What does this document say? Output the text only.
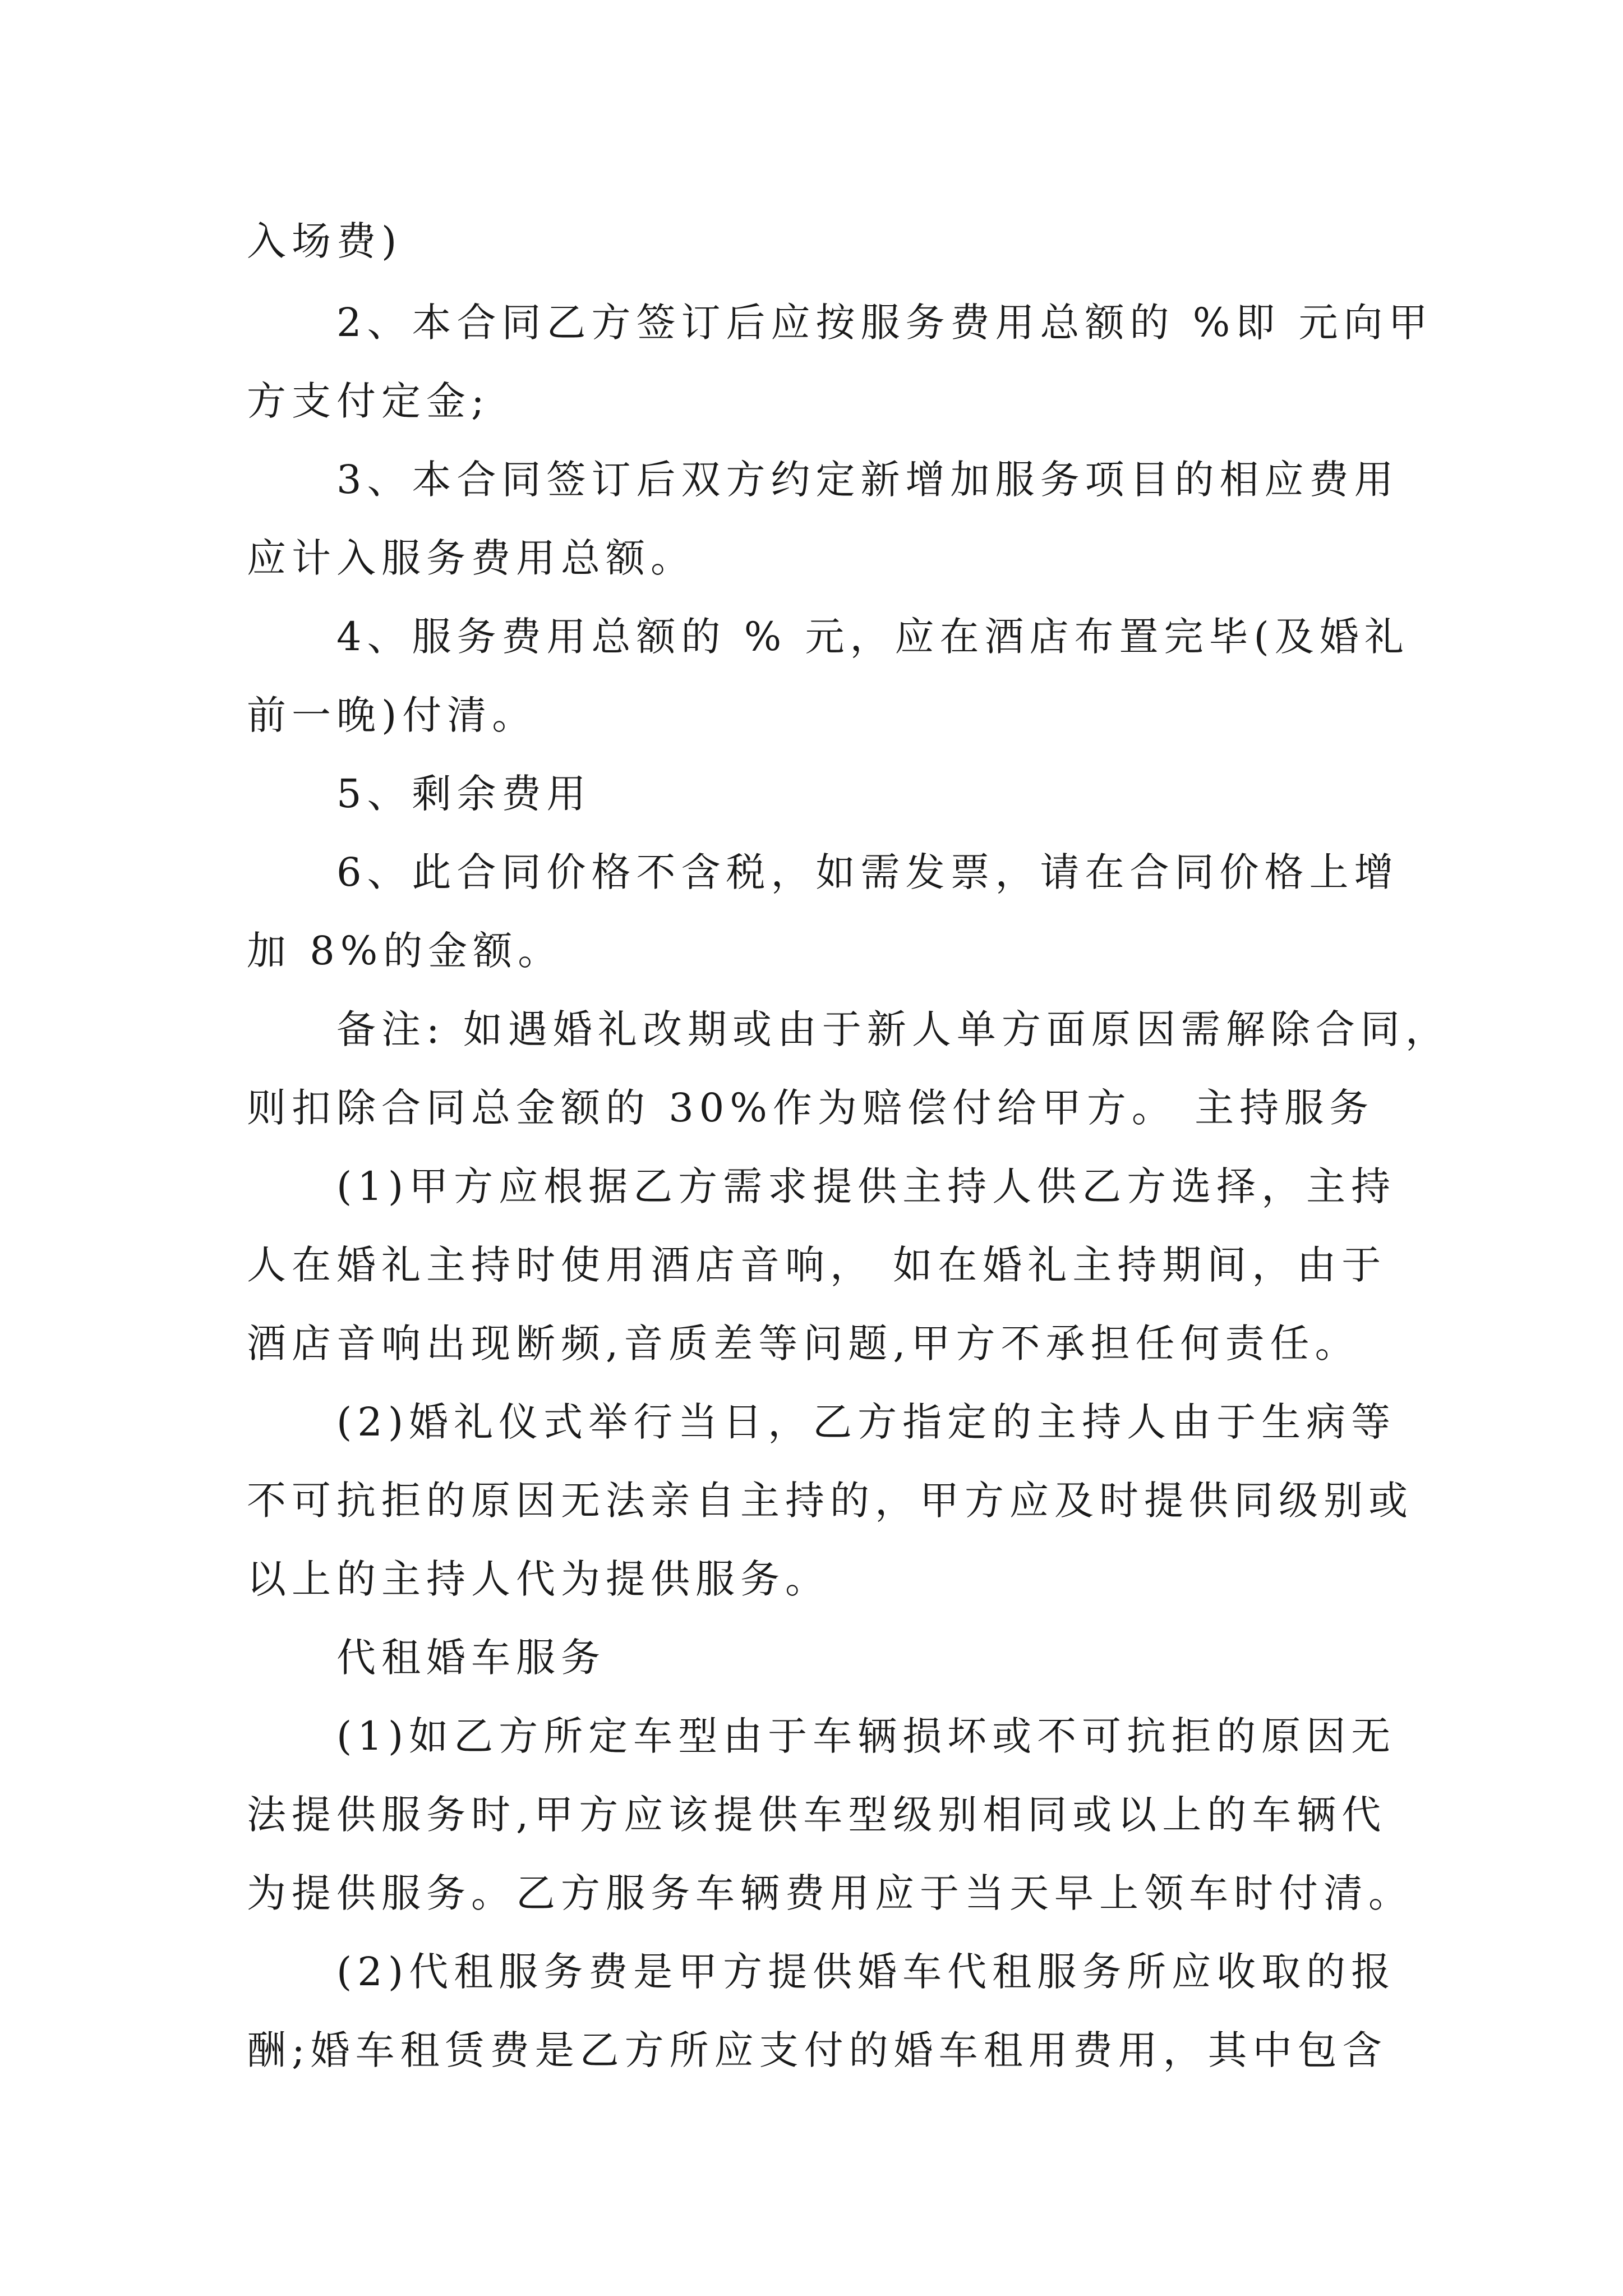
入场费)
2、本合同乙方签订后应按服务费用总额的 %即 元向甲
方支付定金;
3、本合同签订后双方约定新增加服务项目的相应费用
应计入服务费用总额。
4、服务费用总额的 % 元，应在酒店布置完毕(及婚礼
前一晚)付清。
5、剩余费用
6、此合同价格不含税，如需发票，请在合同价格上增
加 8%的金额。
备注: 如遇婚礼改期或由于新人单方面原因需解除合同，
则扣除合同总金额的 30%作为赔偿付给甲方。 主持服务
(1)甲方应根据乙方需求提供主持人供乙方选择，主持
人在婚礼主持时使用酒店音响， 如在婚礼主持期间，由于
酒店音响出现断频,音质差等问题,甲方不承担任何责任。
(2)婚礼仪式举行当日，乙方指定的主持人由于生病等
不可抗拒的原因无法亲自主持的，甲方应及时提供同级别或
以上的主持人代为提供服务。
代租婚车服务
(1)如乙方所定车型由于车辆损坏或不可抗拒的原因无
法提供服务时,甲方应该提供车型级别相同或以上的车辆代
为提供服务。乙方服务车辆费用应于当天早上领车时付清。
(2)代租服务费是甲方提供婚车代租服务所应收取的报
酬;婚车租赁费是乙方所应支付的婚车租用费用，其中包含
